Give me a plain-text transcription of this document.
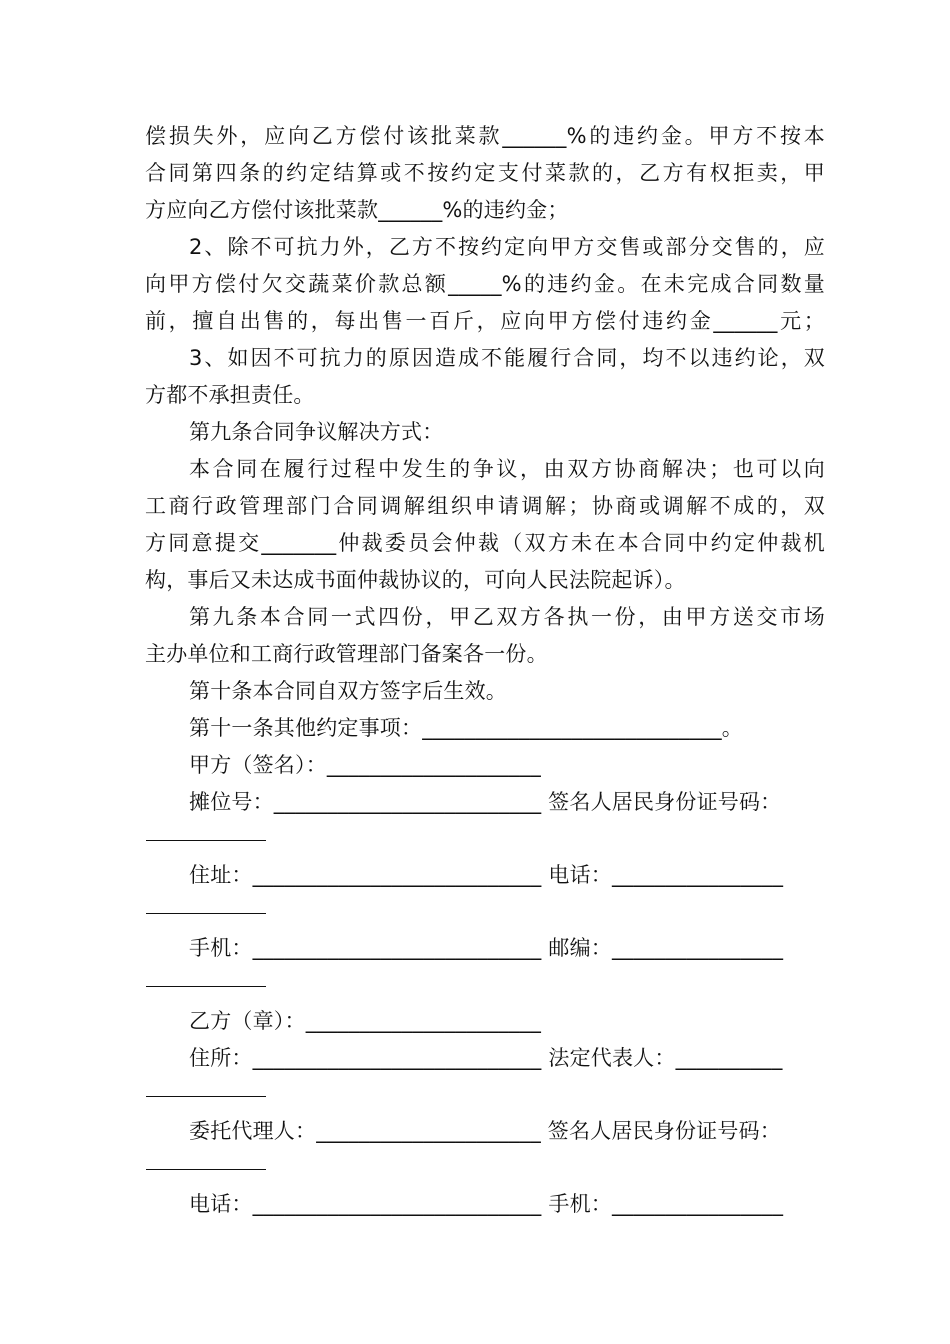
偿损失外，应向乙方偿付该批菜款______%的违约金。甲方不按本
合同第四条的约定结算或不按约定支付菜款的，乙方有权拒卖，甲
方应向乙方偿付该批菜款______%的违约金；
2、除不可抗力外，乙方不按约定向甲方交售或部分交售的，应
向甲方偿付欠交蔬菜价款总额_____%的违约金。在未完成合同数量
前，擅自出售的，每出售一百斤，应向甲方偿付违约金______元；
3、如因不可抗力的原因造成不能履行合同，均不以违约论，双
方都不承担责任。
第九条合同争议解决方式：
本合同在履行过程中发生的争议，由双方协商解决；也可以向
工商行政管理部门合同调解组织申请调解；协商或调解不成的，双
方同意提交_______仲裁委员会仲裁（双方未在本合同中约定仲裁机
构，事后又未达成书面仲裁协议的，可向人民法院起诉）。
第九条本合同一式四份，甲乙双方各执一份，由甲方送交市场
主办单位和工商行政管理部门备案各一份。
第十条本合同自双方签字后生效。
第十一条其他约定事项：____________________________。
甲方（签名）：____________________
摊位号：_________________________ 签名人居民身份证号码：
住址：___________________________ 电话：________________
手机：___________________________ 邮编：________________
乙方（章）：______________________
住所：___________________________ 法定代表人：__________
委托代理人：_____________________ 签名人居民身份证号码：
电话：___________________________ 手机：________________
